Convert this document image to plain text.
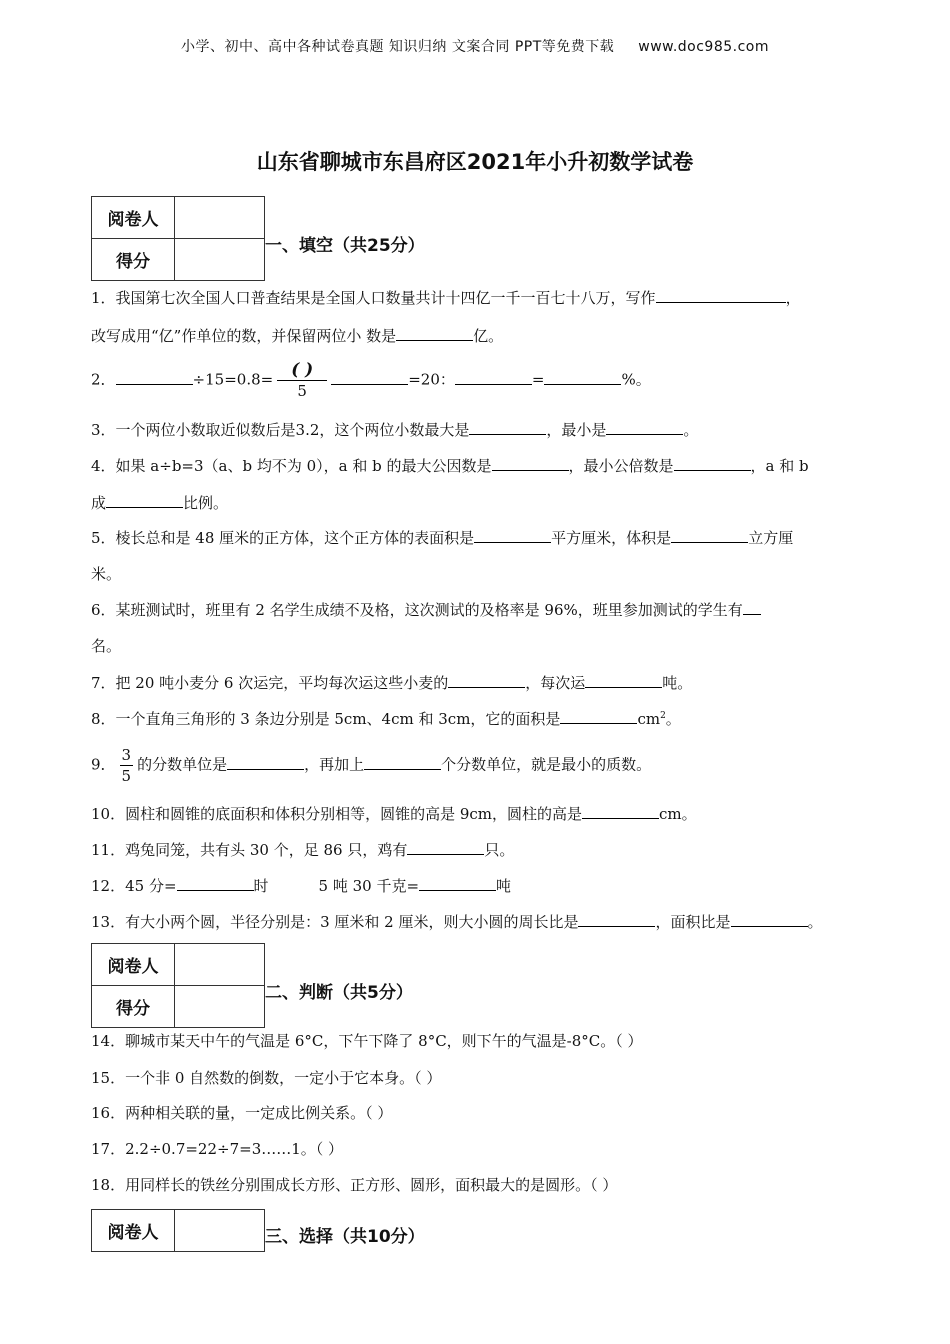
小学、初中、高中各种试卷真题 知识归纳 文案合同 PPT等免费下载 www.doc985.com
山东省聊城市东昌府区2021年小升初数学试卷
阅卷人	
得分	
一、填空（共25分）
1．我国第七次全国人口普查结果是全国人口数量共计十四亿一千一百七十八万，写作	，
改写成用“亿”作单位的数，并保留两位小 数是	亿。
2．	$\div 15=0.8= \frac{( )}{5}$	=20：	=	%。
3．一个两位小数取近似数后是3.2，这个两位小数最大是	，最小是	。
4．如果 a÷b=3（a、b 均不为 0），a 和 b 的最大公因数是	，最小公倍数是	，a 和 b
成	比例。
5．棱长总和是 48 厘米的正方体，这个正方体的表面积是	平方厘米，体积是	立方厘
米。
6．某班测试时，班里有 2 名学生成绩不及格，这次测试的及格率是 96%，班里参加测试的学生有
名。
7．把 20 吨小麦分 6 次运完，平均每次运这些小麦的	，每次运	吨。
8．一个直角三角形的 3 条边分别是 5cm、4cm 和 3cm，它的面积是	$cm^2$。
9． $\frac{3}{5}$ 的分数单位是	，再加上	个分数单位，就是最小的质数。
10．圆柱和圆锥的底面积和体积分别相等，圆锥的高是 9cm，圆柱的高是	cm。
11．鸡兔同笼，共有头 30 个，足 86 只，鸡有	只。
12．45 分=	时	5 吨 30 千克=	吨
13．有大小两个圆，半径分别是：3 厘米和 2 厘米，则大小圆的周长比是	，面积比是	。
阅卷人	
得分	
二、判断（共5分）
14．聊城市某天中午的气温是 6°C，下午下降了 8°C，则下午的气温是-8°C。（ ）
15．一个非 0 自然数的倒数，一定小于它本身。（ ）
16．两种相关联的量，一定成比例关系。（ ）
17．2.2÷0.7=22÷7=3……1。（ ）
18．用同样长的铁丝分别围成长方形、正方形、圆形，面积最大的是圆形。（ ）
阅卷人		三、选择（共10分）
